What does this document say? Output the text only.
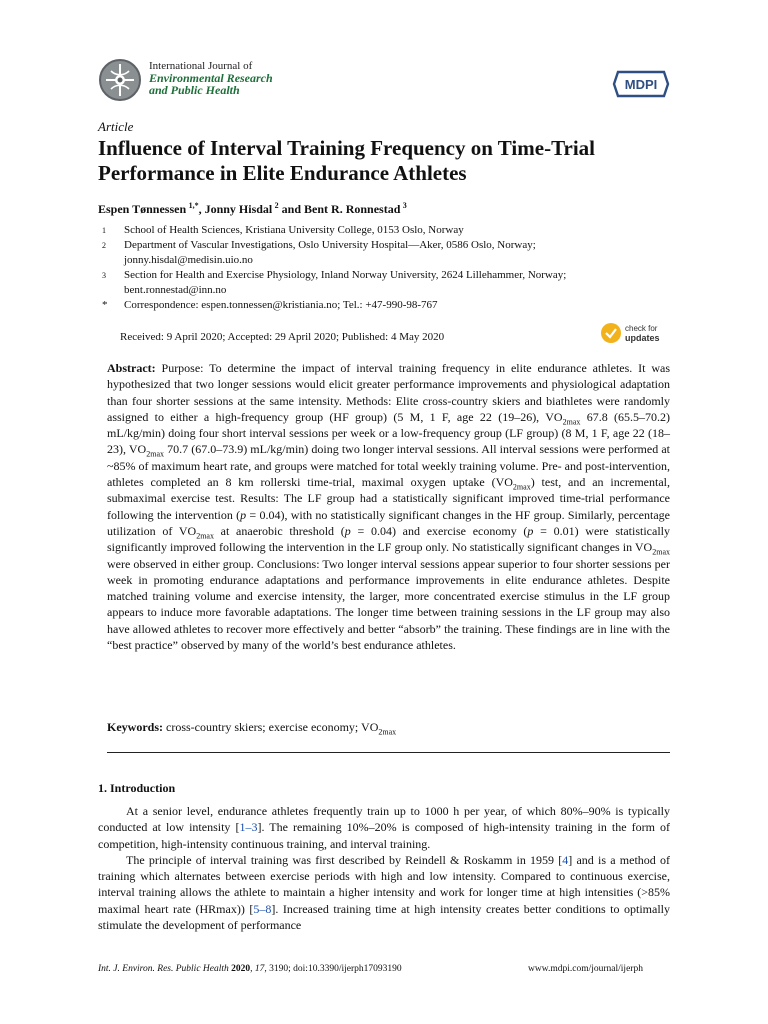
International Journal of
Environmental Research
and Public Health	MDPI
Article
Influence of Interval Training Frequency on Time-Trial Performance in Elite Endurance Athletes
Espen Tønnessen  $^{1,*}$, Jonny Hisdal  $^2$ and Bent R. Ronnestad  $^3$
1	School of Health Sciences, Kristiana University College, 0153 Oslo, Norway
2	Department of Vascular Investigations, Oslo University Hospital—Aker, 0586 Oslo, Norway; jonny.hisdal@medisin.uio.no
3	Section for Health and Exercise Physiology, Inland Norway University, 2624 Lillehammer, Norway; bent.ronnestad@inn.no
*	Correspondence: espen.tonnessen@kristiania.no; Tel.: +47-990-98-767
Received: 9 April 2020; Accepted: 29 April 2020; Published: 4 May 2020
check for
updates
Abstract: Purpose: To determine the impact of interval training frequency in elite endurance athletes. It was hypothesized that two longer sessions would elicit greater performance improvements and physiological adaptation than four shorter sessions at the same intensity. Methods: Elite cross-country skiers and biathletes were randomly assigned to either a high-frequency group (HF group) (5 M, 1 F, age 22 (19–26), $VO_{2max}$ 67.8 (65.5–70.2) mL/kg/min) doing four short interval sessions per week or a low-frequency group (LF group) (8 M, 1 F, age 22 (18–23), $VO_{2max}$ 70.7 (67.0–73.9) mL/kg/min) doing two longer interval sessions. All interval sessions were performed at ~85% of maximum heart rate, and groups were matched for total weekly training volume. Pre- and post-intervention, athletes completed an 8 km rollerski time-trial, maximal oxygen uptake $(VO_{2max})$ test, and an incremental, submaximal exercise test. Results: The LF group had a statistically significant improved time-trial performance following the intervention (p = 0.04), with no statistically significant changes in the HF group. Similarly, percentage utilization of $VO_{2max}$ at anaerobic threshold (p = 0.04) and exercise economy (p = 0.01) were statistically significantly improved following the intervention in the LF group only. No statistically significant changes in $VO_{2max}$ were observed in either group. Conclusions: Two longer interval sessions appear superior to four shorter sessions per week in promoting endurance adaptations and performance improvements in elite endurance athletes. Despite matched training volume and exercise intensity, the larger, more concentrated exercise stimulus in the LF group appears to induce more favorable adaptations. The longer time between training sessions in the LF group may also have allowed athletes to recover more effectively and better “absorb” the training. These findings are in line with the “best practice” observed by many of the world’s best endurance athletes.
Keywords: cross-country skiers; exercise economy; $VO_{2max}$
1. Introduction

At a senior level, endurance athletes frequently train up to 1000 h per year, of which 80%–90% is typically conducted at low intensity [1–3]. The remaining 10%–20% is composed of high-intensity training in the form of competition, high-intensity continuous training, and interval training.

The principle of interval training was first described by Reindell & Roskamm in 1959 [4] and is a method of training which alternates between exercise periods with high and low intensity. Compared to continuous exercise, interval training allows the athlete to maintain a higher intensity and work for longer time at high intensities (>85% maximal heart rate (HRmax)) [5–8]. Increased training time at high intensity creates better conditions to optimally stimulate the development of performance

Int. J. Environ. Res. Public Health 2020, 17, 3190; doi:10.3390/ijerph17093190	www.mdpi.com/journal/ijerph
